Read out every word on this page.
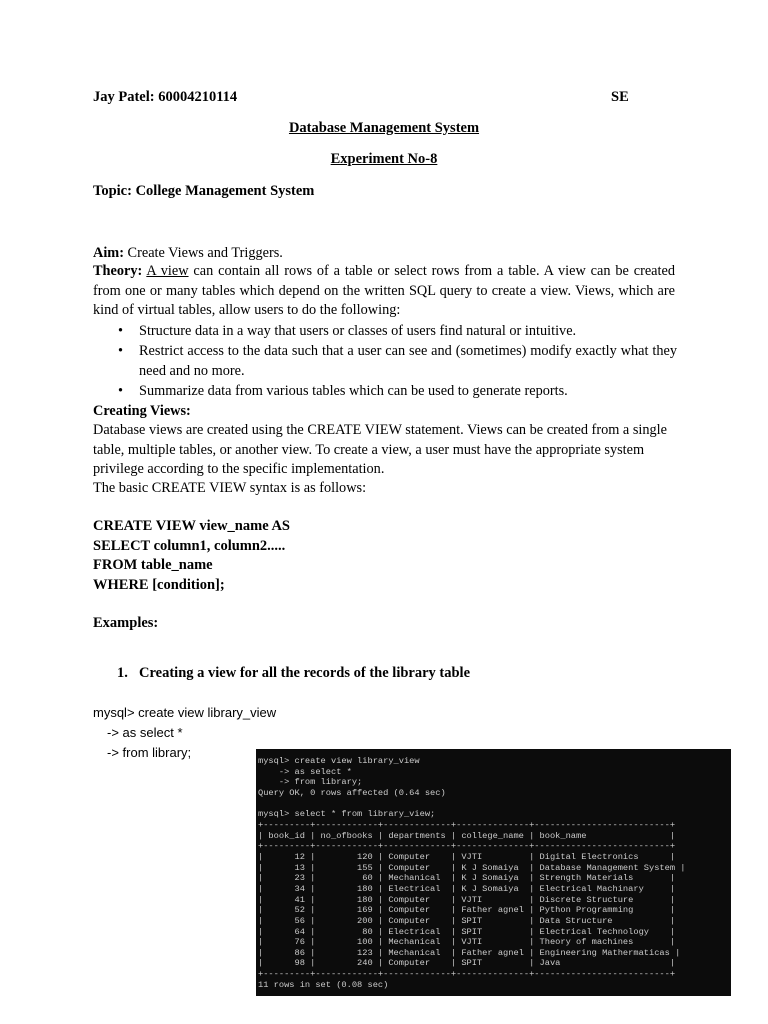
Jay Patel: 60004210114	SE
Database Management System
Experiment No-8
Topic: College Management System
Aim: Create Views and Triggers.
Theory: A view can contain all rows of a table or select rows from a table. A view can be created from one or many tables which depend on the written SQL query to create a view. Views, which are kind of virtual tables, allow users to do the following:
• Structure data in a way that users or classes of users find natural or intuitive.
• Restrict access to the data such that a user can see and (sometimes) modify exactly what they need and no more.
• Summarize data from various tables which can be used to generate reports.
Creating Views:
Database views are created using the CREATE VIEW statement. Views can be created from a single table, multiple tables, or another view. To create a view, a user must have the appropriate system privilege according to the specific implementation.
The basic CREATE VIEW syntax is as follows:
CREATE VIEW view_name AS
SELECT column1, column2.....
FROM table_name
WHERE [condition];
Examples:
1. Creating a view for all the records of the library table
mysql> create view library_view
-> as select *
-> from library;
mysql> create view library_view
-> as select *
-> from library;
Query OK, 0 rows affected (0.64 sec)

mysql> select * from library_view;
+---------+------------+-------------+--------------+--------------------------+
| book_id | no_ofbooks | departments | college_name | book_name                |
+---------+------------+-------------+--------------+--------------------------+
|      12 |        120 | Computer    | VJTI         | Digital Electronics      |
|      13 |        155 | Computer    | K J Somaiya  | Database Management System |
|      23 |         60 | Mechanical  | K J Somaiya  | Strength Materials       |
|      34 |        180 | Electrical  | K J Somaiya  | Electrical Machinary     |
|      41 |        180 | Computer    | VJTI         | Discrete Structure       |
|      52 |        169 | Computer    | Father agnel | Python Programming       |
|      56 |        200 | Computer    | SPIT         | Data Structure           |
|      64 |         80 | Electrical  | SPIT         | Electrical Technology    |
|      76 |        100 | Mechanical  | VJTI         | Theory of machines       |
|      86 |        123 | Mechanical  | Father agnel | Engineering Mathermaticas |
|      98 |        240 | Computer    | SPIT         | Java                     |
+---------+------------+-------------+--------------+--------------------------+
11 rows in set (0.08 sec)
